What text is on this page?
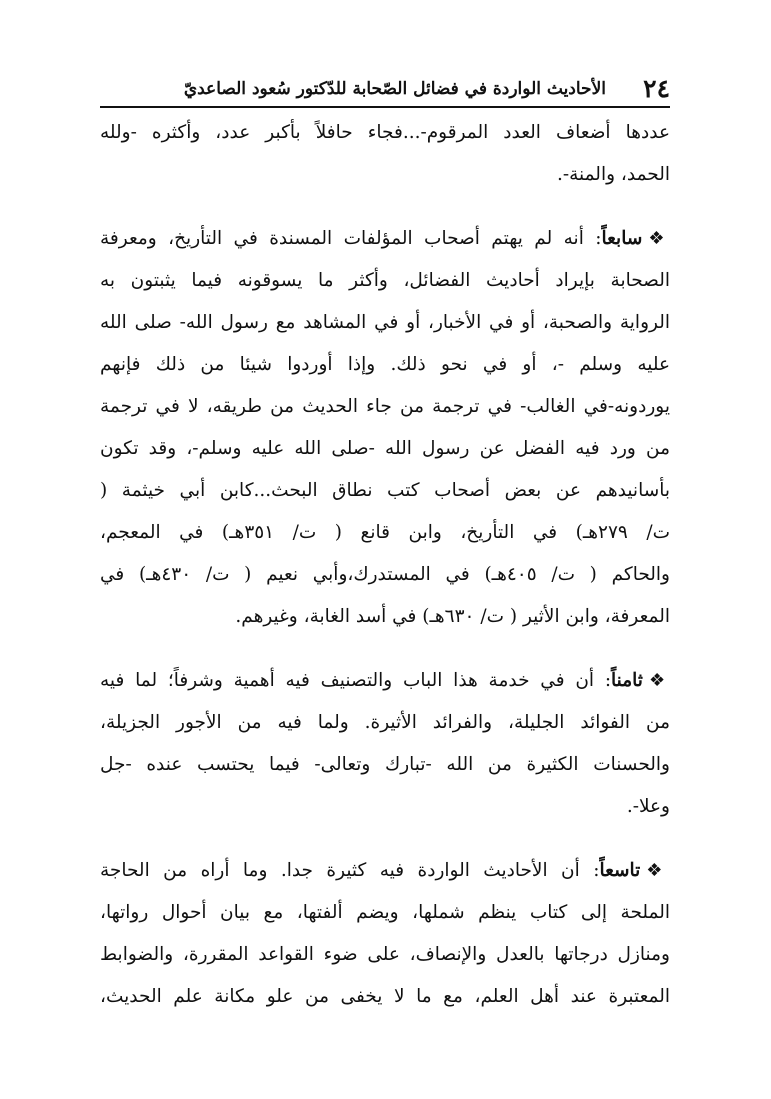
٢٤
الأحاديث الواردة في فضائل الصّحابة للدّكتور سُعود الصاعديّ
عددها أضعاف العدد المرقوم-...فجاء حافلاً بأكبر عدد، وأكثره -ولله
الحمد، والمنة-.
❖سابعاً: أنه لم يهتم أصحاب المؤلفات المسندة في التأريخ، ومعرفة
الصحابة بإيراد أحاديث الفضائل، وأكثر ما يسوقونه فيما يثبتون به
الرواية والصحبة، أو في الأخبار، أو في المشاهد مع رسول الله- صلى الله
عليه وسلم -، أو في نحو ذلك. وإذا أوردوا شيئا من ذلك فإنهم
يوردونه-في الغالب- في ترجمة من جاء الحديث من طريقه، لا في ترجمة
من ورد فيه الفضل عن رسول الله -صلى الله عليه وسلم-، وقد تكون
بأسانيدهم عن بعض أصحاب كتب نطاق البحث...كابن أبي خيثمة (
ت/ ٢٧٩هـ) في التأريخ، وابن قانع ( ت/ ٣٥١هـ) في المعجم،
والحاكم ( ت/ ٤٠٥هـ) في المستدرك،وأبي نعيم ( ت/ ٤٣٠هـ) في
المعرفة، وابن الأثير ( ت/ ٦٣٠هـ) في أسد الغابة، وغيرهم.
❖ثامناً: أن في خدمة هذا الباب والتصنيف فيه أهمية وشرفاً؛ لما فيه
من الفوائد الجليلة، والفرائد الأثيرة. ولما فيه من الأجور الجزيلة،
والحسنات الكثيرة من الله -تبارك وتعالى- فيما يحتسب عنده -جل
وعلا-.
❖تاسعاً: أن الأحاديث الواردة فيه كثيرة جدا. وما أراه من الحاجة
الملحة إلى كتاب ينظم شملها، ويضم ألفتها، مع بيان أحوال رواتها،
ومنازل درجاتها بالعدل والإنصاف، على ضوء القواعد المقررة، والضوابط
المعتبرة عند أهل العلم، مع ما لا يخفى من علو مكانة علم الحديث،
